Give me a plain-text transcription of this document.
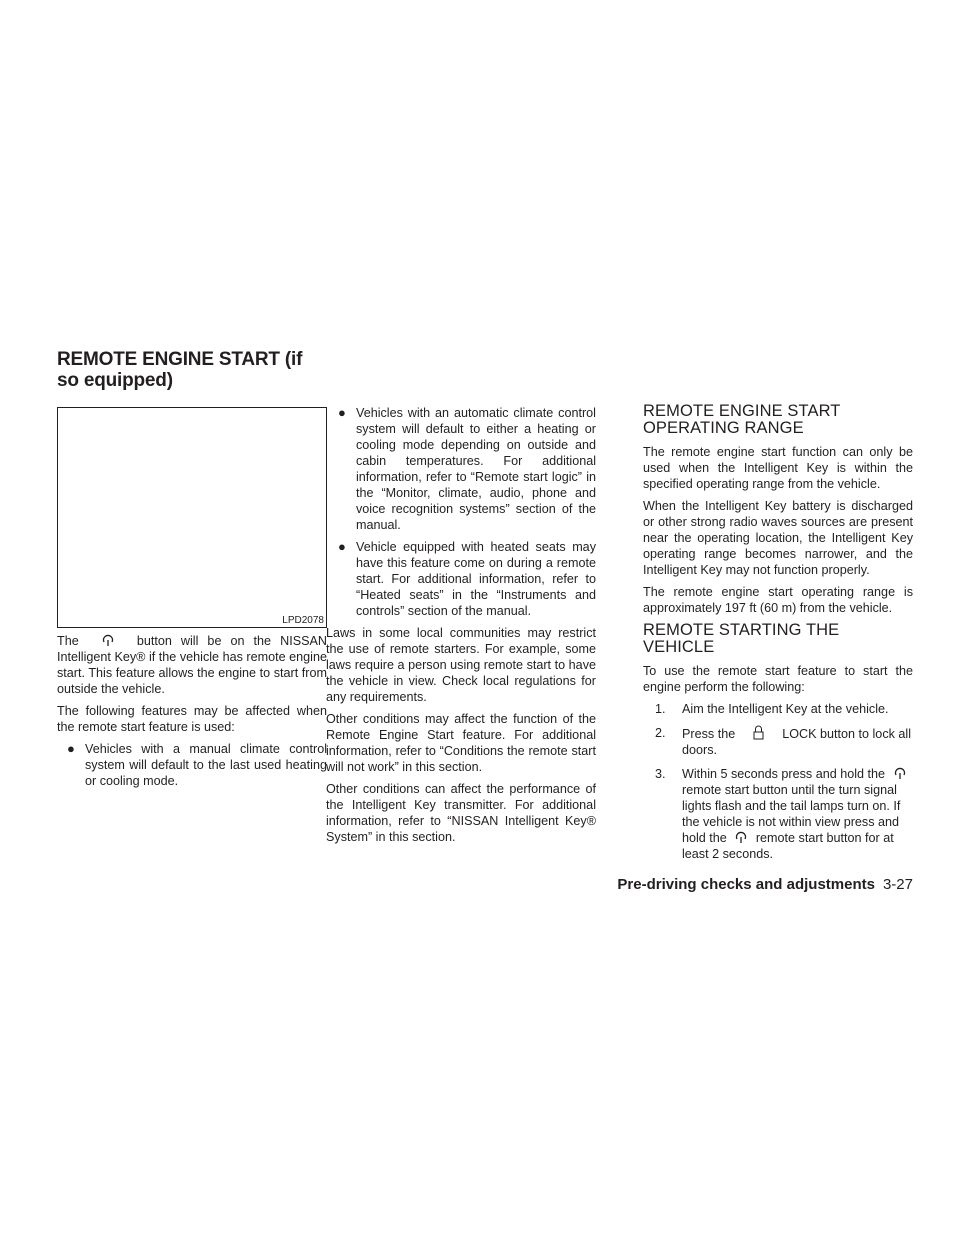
REMOTE ENGINE START (if so equipped)
LPD2078

The	button will be on the NISSAN Intelligent Key® if the vehicle has remote engine start. This feature allows the engine to start from outside the vehicle.

The following features may be affected when the remote start feature is used:

● Vehicles with a manual climate control system will default to the last used heating or cooling mode.
● Vehicles with an automatic climate control system will default to either a heating or cooling mode depending on outside and cabin temperatures. For additional information, refer to “Remote start logic” in the “Monitor, climate, audio, phone and voice recognition systems” section of the manual.
● Vehicle equipped with heated seats may have this feature come on during a remote start. For additional information, refer to “Heated seats” in the “Instruments and controls” section of the manual.

Laws in some local communities may restrict the use of remote starters. For example, some laws require a person using remote start to have the vehicle in view. Check local regulations for any requirements.

Other conditions may affect the function of the Remote Engine Start feature. For additional information, refer to “Conditions the remote start will not work” in this section.

Other conditions can affect the performance of the Intelligent Key transmitter. For additional information, refer to “NISSAN Intelligent Key® System” in this section.

REMOTE ENGINE START OPERATING RANGE

The remote engine start function can only be used when the Intelligent Key is within the specified operating range from the vehicle.

When the Intelligent Key battery is discharged or other strong radio waves sources are present near the operating location, the Intelligent Key operating range becomes narrower, and the Intelligent Key may not function properly.

The remote engine start operating range is approximately 197 ft (60 m) from the vehicle.

REMOTE STARTING THE VEHICLE

To use the remote start feature to start the engine perform the following:

1. Aim the Intelligent Key at the vehicle.
2. Press the	LOCK button to lock all doors.
3. Within 5 seconds press and hold the  remote start button until the turn signal lights flash and the tail lamps turn on. If the vehicle is not within view press and hold the remote start button for at least 2 seconds.
Pre-driving checks and adjustments 3-27
